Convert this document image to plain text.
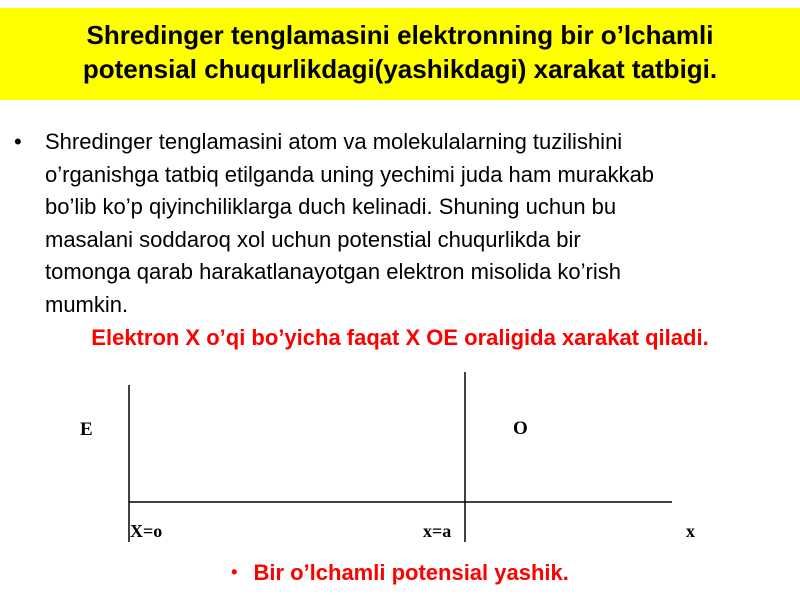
Shredinger tenglamasini elektronning bir o’lchamli
potensial chuqurlikdagi(yashikdagi) xarakat tatbigi.
• Shredinger tenglamasini atom va molekulalarning tuzilishini
o’rganishga tatbiq etilganda uning yechimi juda ham murakkab
bo’lib ko’p qiyinchiliklarga duch kelinadi. Shuning uchun bu
masalani soddaroq xol uchun potenstial chuqurlikda bir
tomonga qarab harakatlanayotgan elektron misolida ko’rish
mumkin.
Elektron X o’qi bo’yicha faqat X OE oraligida xarakat qiladi.
E	O
X=o	x=a	x
• Bir o’lchamli potensial yashik.
